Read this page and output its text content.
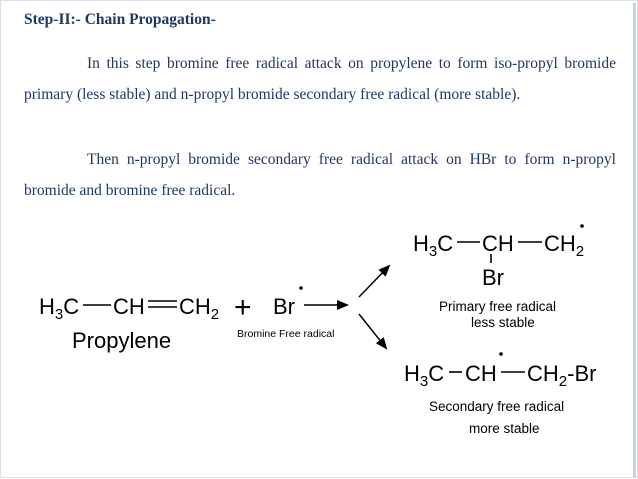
Step-II:- Chain Propagation-
In this step bromine free radical attack on propylene to form iso-propyl bromide primary (less stable) and n-propyl bromide secondary free radical (more stable).
Then n-propyl bromide secondary free radical attack on HBr to form n-propyl bromide and bromine free radical.
$H_3C$ CH $CH_2$
Propylene
+ Br
Bromine Free radical
$H_3C$ CH $CH_2$
Br
Primary free radical
less stable
$H_3C$ CH $CH_2-Br$
Secondary free radical
more stable
